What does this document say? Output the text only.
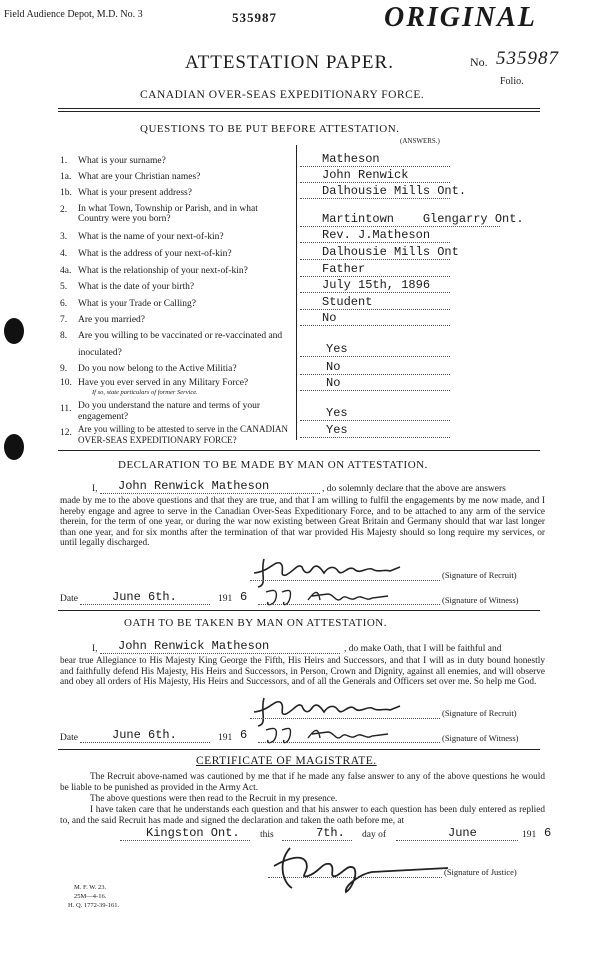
Field Audience Depot, M.D. No. 3	535987	ORIGINAL
ATTESTATION PAPER.	No. 535987
Folio.
CANADIAN OVER-SEAS EXPEDITIONARY FORCE.
QUESTIONS TO BE PUT BEFORE ATTESTATION.
(ANSWERS.)
1. What is your surname?	Matheson
1a. What are your Christian names?	John Renwick
1b. What is your present address?	Dalhousie Mills Ont.
2. In what Town, Township or Parish, and in what Country were you born?	Martintown    Glengarry Ont.
3. What is the name of your next-of-kin?	Rev. J.Matheson
4. What is the address of your next-of-kin?	Dalhousie Mills Ont
4a. What is the relationship of your next-of-kin?	Father
5. What is the date of your birth?	July 15th, 1896
6. What is your Trade or Calling?	Student
7. Are you married?	No
8. Are you willing to be vaccinated or re-vaccinated and inoculated?	Yes
9. Do you now belong to the Active Militia?	No
10. Have you ever served in any Military Force?
If so, state particulars of former Service.
No
11. Do you understand the nature and terms of your engagement?	Yes
12. Are you willing to be attested to serve in the CANADIAN OVER-SEAS EXPEDITIONARY FORCE?
Yes
DECLARATION TO BE MADE BY MAN ON ATTESTATION.
I, John Renwick Matheson	, do solemnly declare that the above are answers
made by me to the above questions and that they are true, and that I am willing to fulfil the engagements by me now made, and I hereby engage and agree to serve in the Canadian Over-Seas Expeditionary Force, and to be attached to any arm of the service therein, for the term of one year, or during the war now existing between Great Britain and Germany should that war last longer than one year, and for six months after the termination of that war provided His Majesty should so long require my services, or until legally discharged.
(Signature of Recruit)
Date	June 6th.	191 6	(Signature of Witness)
OATH TO BE TAKEN BY MAN ON ATTESTATION.
I, John Renwick Matheson	, do make Oath, that I will be faithful and
bear true Allegiance to His Majesty King George the Fifth, His Heirs and Successors, and that I will as in duty bound honestly and faithfully defend His Majesty, His Heirs and Successors, in Person, Crown and Dignity, against all enemies, and will observe and obey all orders of His Majesty, His Heirs and Successors, and of all the Generals and Officers set over me. So help me God.
(Signature of Recruit)
Date	June 6th.	191 6	(Signature of Witness)
CERTIFICATE OF MAGISTRATE.
The Recruit above-named was cautioned by me that if he made any false answer to any of the above questions he would be liable to be punished as provided in the Army Act.
The above questions were then read to the Recruit in my presence.
I have taken care that he understands each question and that his answer to each question has been duly entered as replied to, and the said Recruit has made and signed the declaration and taken the oath before me, at
Kingston Ont. this	7th. day of	June	191 6
(Signature of Justice)
M. F. W. 23.
25M—4-16.
H. Q. 1772-39-161.
